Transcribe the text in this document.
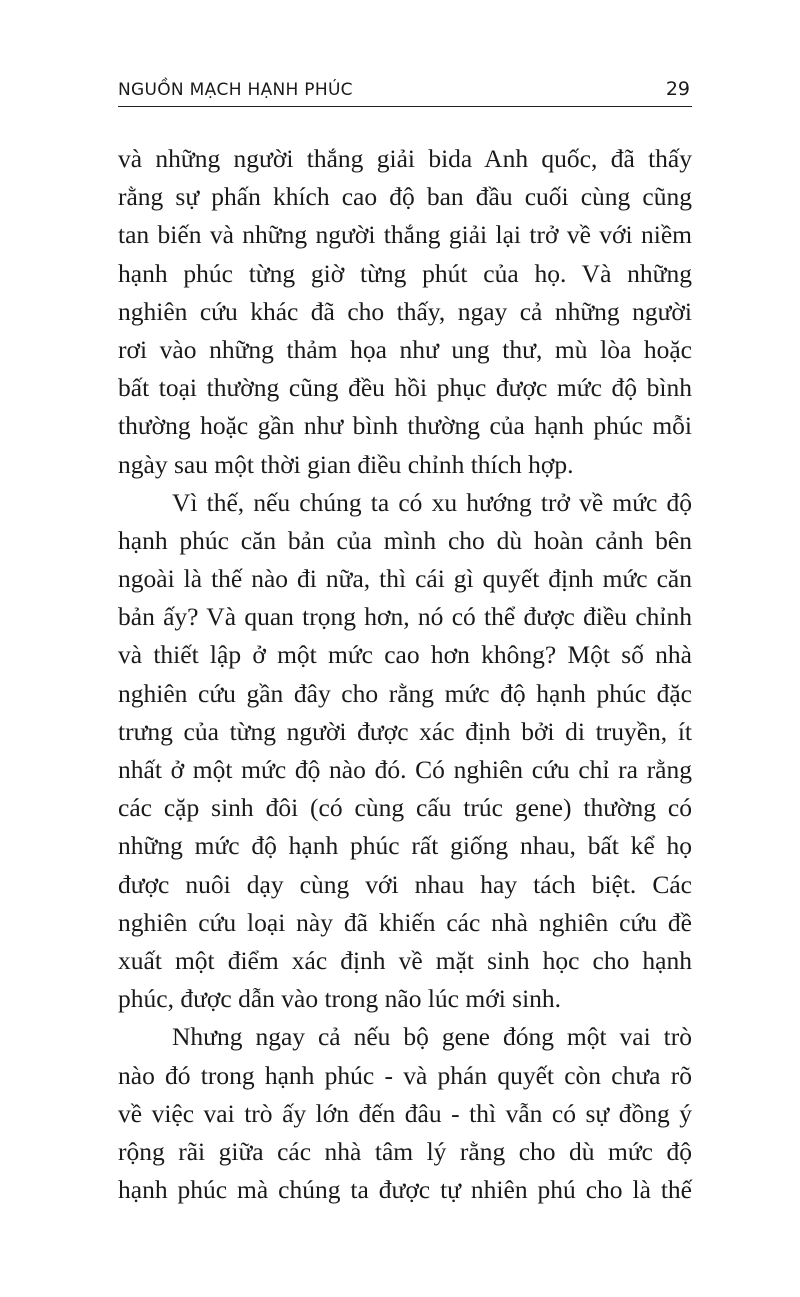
NGUỒN MẠCH HẠNH PHÚC	29
và những người thắng giải bida Anh quốc, đã thấy
rằng sự phấn khích cao độ ban đầu cuối cùng cũng
tan biến và những người thắng giải lại trở về với niềm
hạnh phúc từng giờ từng phút của họ. Và những
nghiên cứu khác đã cho thấy, ngay cả những người
rơi vào những thảm họa như ung thư, mù lòa hoặc
bất toại thường cũng đều hồi phục được mức độ bình
thường hoặc gần như bình thường của hạnh phúc mỗi
ngày sau một thời gian điều chỉnh thích hợp.
Vì thế, nếu chúng ta có xu hướng trở về mức độ
hạnh phúc căn bản của mình cho dù hoàn cảnh bên
ngoài là thế nào đi nữa, thì cái gì quyết định mức căn
bản ấy? Và quan trọng hơn, nó có thể được điều chỉnh
và thiết lập ở một mức cao hơn không? Một số nhà
nghiên cứu gần đây cho rằng mức độ hạnh phúc đặc
trưng của từng người được xác định bởi di truyền, ít
nhất ở một mức độ nào đó. Có nghiên cứu chỉ ra rằng
các cặp sinh đôi (có cùng cấu trúc gene) thường có
những mức độ hạnh phúc rất giống nhau, bất kể họ
được nuôi dạy cùng với nhau hay tách biệt. Các
nghiên cứu loại này đã khiến các nhà nghiên cứu đề
xuất một điểm xác định về mặt sinh học cho hạnh
phúc, được dẫn vào trong não lúc mới sinh.
Nhưng ngay cả nếu bộ gene đóng một vai trò
nào đó trong hạnh phúc - và phán quyết còn chưa rõ
về việc vai trò ấy lớn đến đâu - thì vẫn có sự đồng ý
rộng rãi giữa các nhà tâm lý rằng cho dù mức độ
hạnh phúc mà chúng ta được tự nhiên phú cho là thế
